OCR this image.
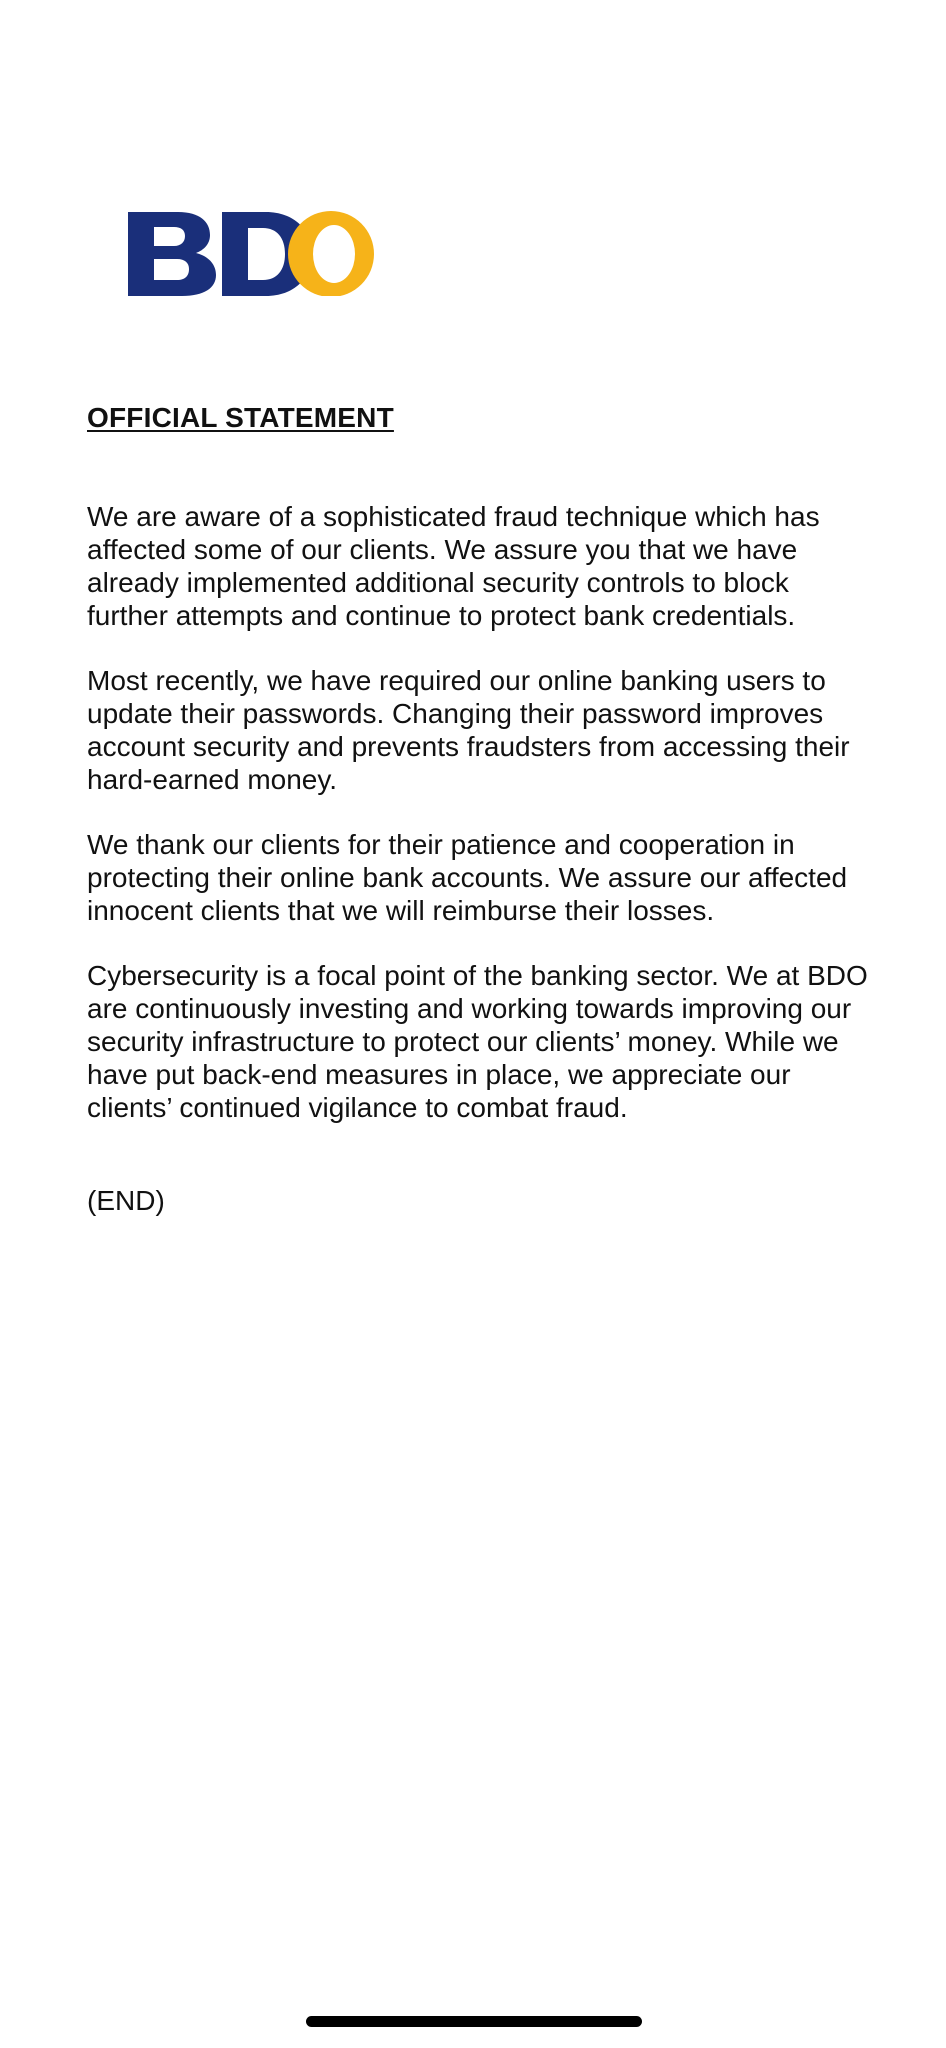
OFFICIAL STATEMENT

We are aware of a sophisticated fraud technique which has affected some of our clients. We assure you that we have already implemented additional security controls to block further attempts and continue to protect bank credentials.

Most recently, we have required our online banking users to update their passwords. Changing their password improves account security and prevents fraudsters from accessing their hard-earned money.

We thank our clients for their patience and cooperation in protecting their online bank accounts. We assure our affected innocent clients that we will reimburse their losses.

Cybersecurity is a focal point of the banking sector. We at BDO are continuously investing and working towards improving our security infrastructure to protect our clients’ money. While we have put back-end measures in place, we appreciate our clients’ continued vigilance to combat fraud.

(END)
